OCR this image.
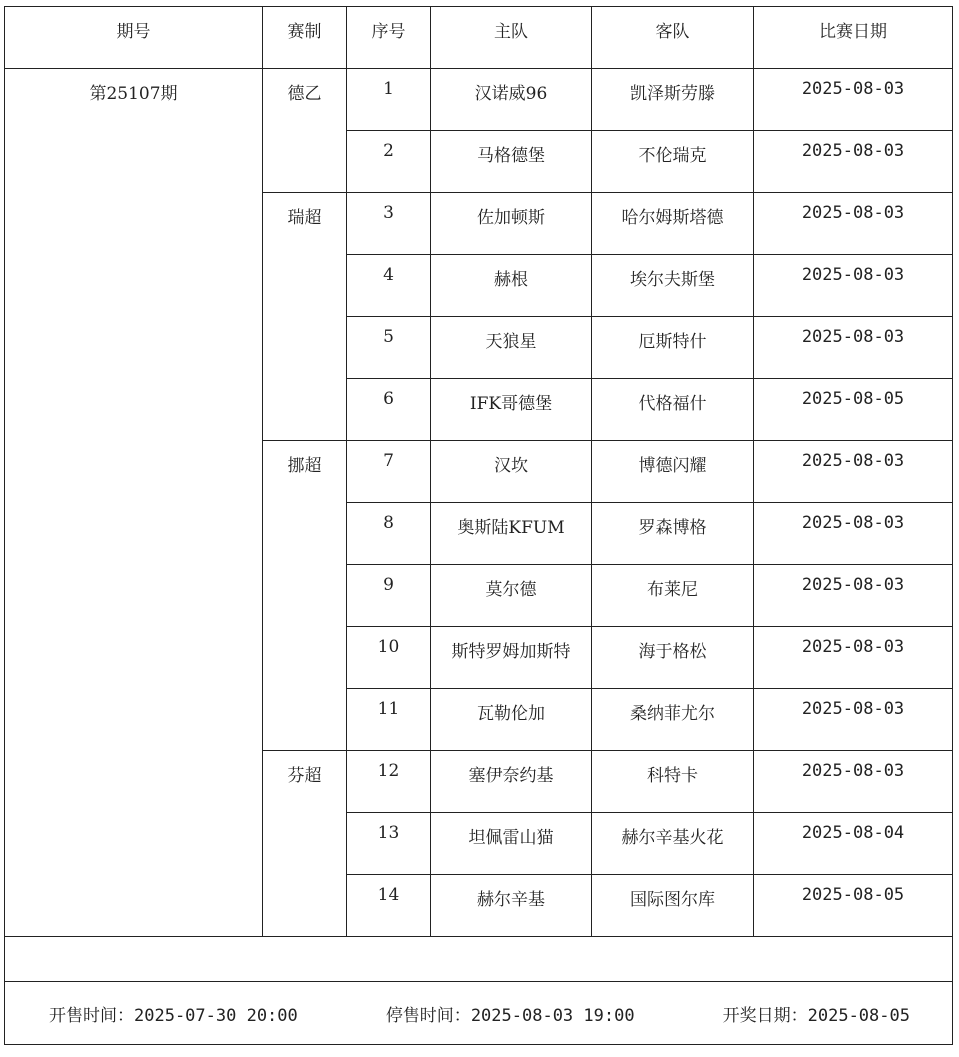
期号	赛制	序号	主队	客队	比赛日期
第25107期	德乙	1	汉诺威96	凯泽斯劳滕	2025-08-03
		2	马格德堡	不伦瑞克	2025-08-03
	瑞超	3	佐加顿斯	哈尔姆斯塔德	2025-08-03
		4	赫根	埃尔夫斯堡	2025-08-03
		5	天狼星	厄斯特什	2025-08-03
		6	IFK哥德堡	代格福什	2025-08-05
	挪超	7	汉坎	博德闪耀	2025-08-03
		8	奥斯陆KFUM	罗森博格	2025-08-03
		9	莫尔德	布莱尼	2025-08-03
		10	斯特罗姆加斯特	海于格松	2025-08-03
		11	瓦勒伦加	桑纳菲尤尔	2025-08-03
	芬超	12	塞伊奈约基	科特卡	2025-08-03
		13	坦佩雷山猫	赫尔辛基火花	2025-08-04
		14	赫尔辛基	国际图尔库	2025-08-05

开售时间：2025-07-30 20:00 停售时间：2025-08-03 19:00 开奖日期：2025-08-05					
